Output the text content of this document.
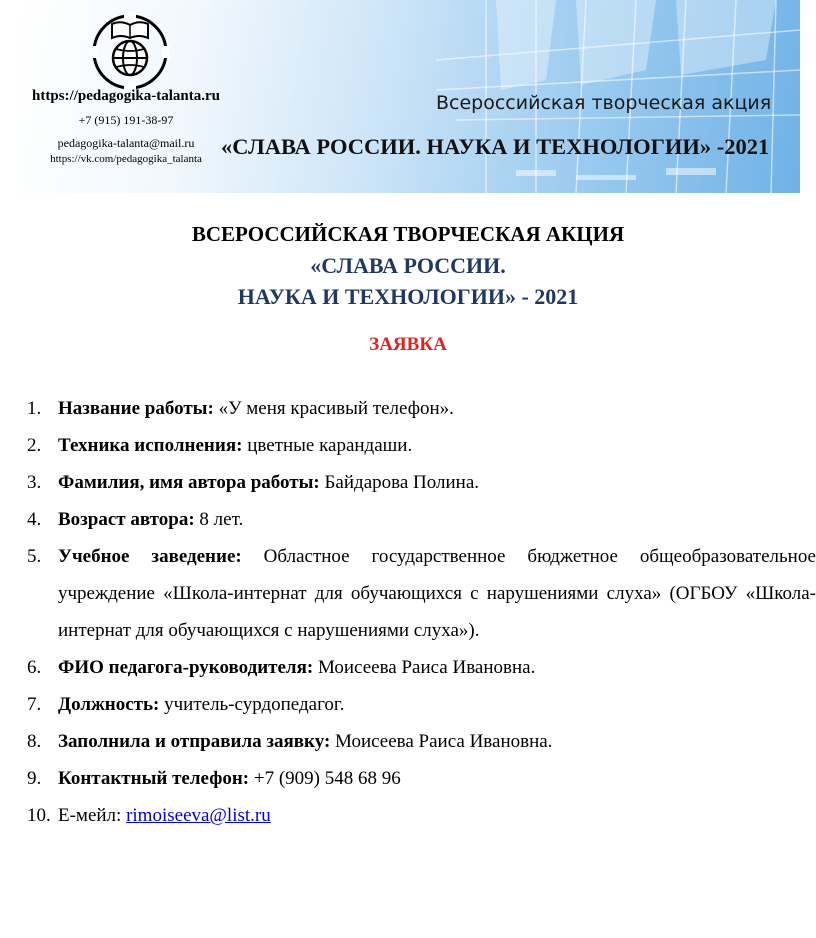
https://pedagogika-talanta.ru
+7 (915) 191-38-97
pedagogika-talanta@mail.ru
https://vk.com/pedagogika_talanta
Всероссийская творческая акция
«СЛАВА РОССИИ. НАУКА И ТЕХНОЛОГИИ» -2021
ВСЕРОССИЙСКАЯ ТВОРЧЕСКАЯ АКЦИЯ
«СЛАВА РОССИИ.
НАУКА И ТЕХНОЛОГИИ» - 2021
ЗАЯВКА
1. Название работы: «У меня красивый телефон».
2. Техника исполнения: цветные карандаши.
3. Фамилия, имя автора работы: Байдарова Полина.
4. Возраст автора: 8 лет.
5. Учебное заведение: Областное государственное бюджетное общеобразовательное учреждение «Школа-интернат для обучающихся с нарушениями слуха» (ОГБОУ «Школа-интернат для обучающихся с нарушениями слуха»).
6. ФИО педагога-руководителя: Моисеева Раиса Ивановна.
7. Должность: учитель-сурдопедагог.
8. Заполнила и отправила заявку: Моисеева Раиса Ивановна.
9. Контактный телефон: +7 (909) 548 68 96
10. Е-мейл: rimoiseeva@list.ru
